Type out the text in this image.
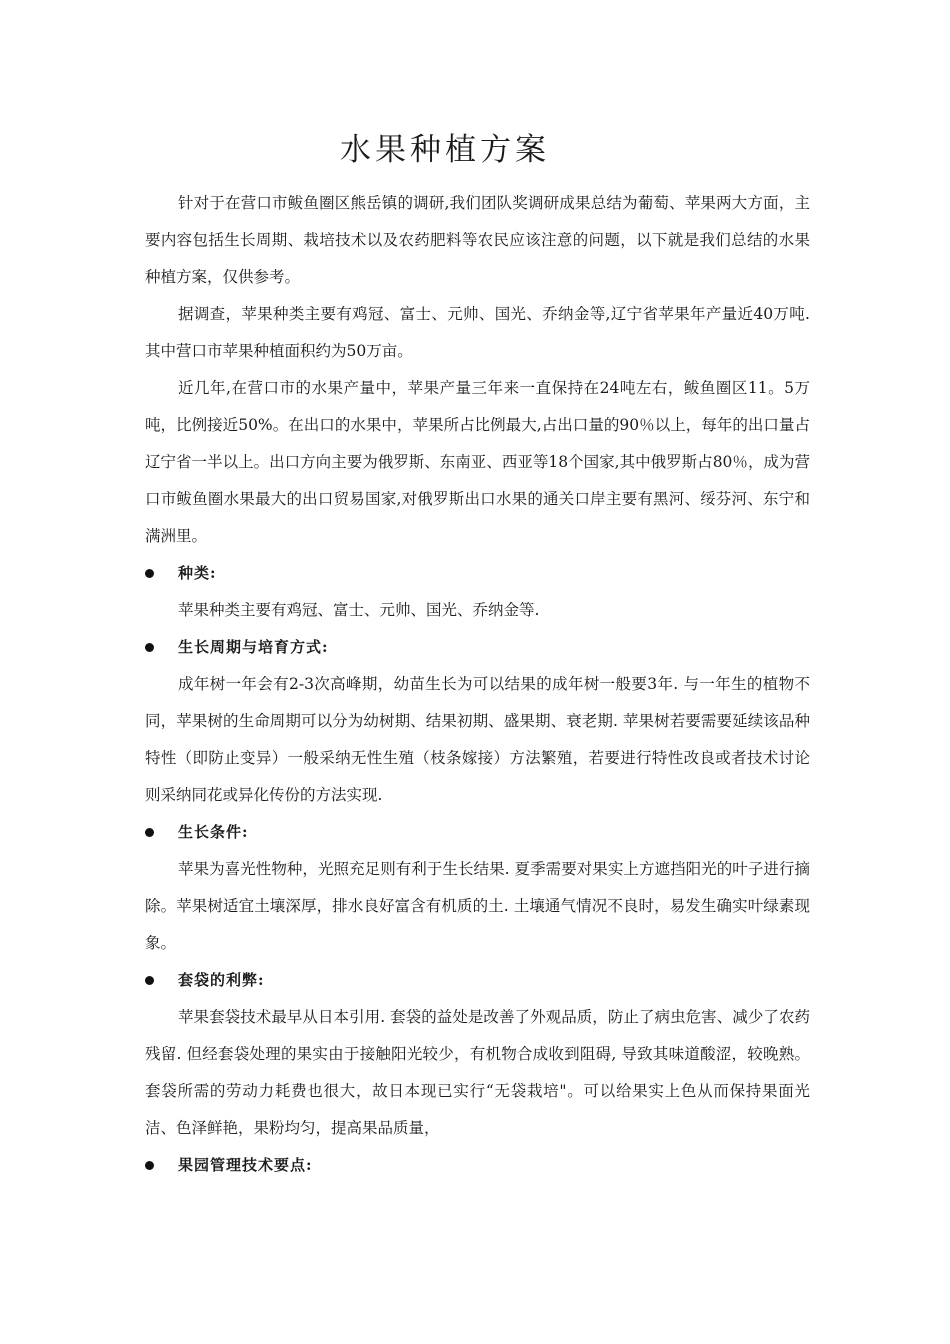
水果种植方案

针对于在营口市鲅鱼圈区熊岳镇的调研,我们团队奖调研成果总结为葡萄、苹果两大方面，主要内容包括生长周期、栽培技术以及农药肥料等农民应该注意的问题，以下就是我们总结的水果种植方案，仅供参考。

据调查，苹果种类主要有鸡冠、富士、元帅、国光、乔纳金等,辽宁省苹果年产量近40万吨.其中营口市苹果种植面积约为50万亩。

近几年,在营口市的水果产量中，苹果产量三年来一直保持在24吨左右，鲅鱼圈区11。5万吨，比例接近50%。在出口的水果中，苹果所占比例最大,占出口量的90％以上，每年的出口量占辽宁省一半以上。出口方向主要为俄罗斯、东南亚、西亚等18个国家,其中俄罗斯占80％，成为营口市鲅鱼圈水果最大的出口贸易国家,对俄罗斯出口水果的通关口岸主要有黑河、绥芬河、东宁和满洲里。

种类:

苹果种类主要有鸡冠、富士、元帅、国光、乔纳金等.

生长周期与培育方式:

成年树一年会有2-3次高峰期，幼苗生长为可以结果的成年树一般要3年. 与一年生的植物不同，苹果树的生命周期可以分为幼树期、结果初期、盛果期、衰老期. 苹果树若要需要延续该品种特性（即防止变异）一般采纳无性生殖（枝条嫁接）方法繁殖，若要进行特性改良或者技术讨论则采纳同花或异化传份的方法实现.

生长条件:

苹果为喜光性物种，光照充足则有利于生长结果. 夏季需要对果实上方遮挡阳光的叶子进行摘除。苹果树适宜土壤深厚，排水良好富含有机质的土. 土壤通气情况不良时，易发生确实叶绿素现象。

套袋的利弊:

苹果套袋技术最早从日本引用. 套袋的益处是改善了外观品质，防止了病虫危害、减少了农药残留. 但经套袋处理的果实由于接触阳光较少，有机物合成收到阻碍, 导致其味道酸涩，较晚熟。套袋所需的劳动力耗费也很大，故日本现已实行“无袋栽培"。可以给果实上色从而保持果面光洁、色泽鲜艳，果粉均匀，提高果品质量，

果园管理技术要点:
